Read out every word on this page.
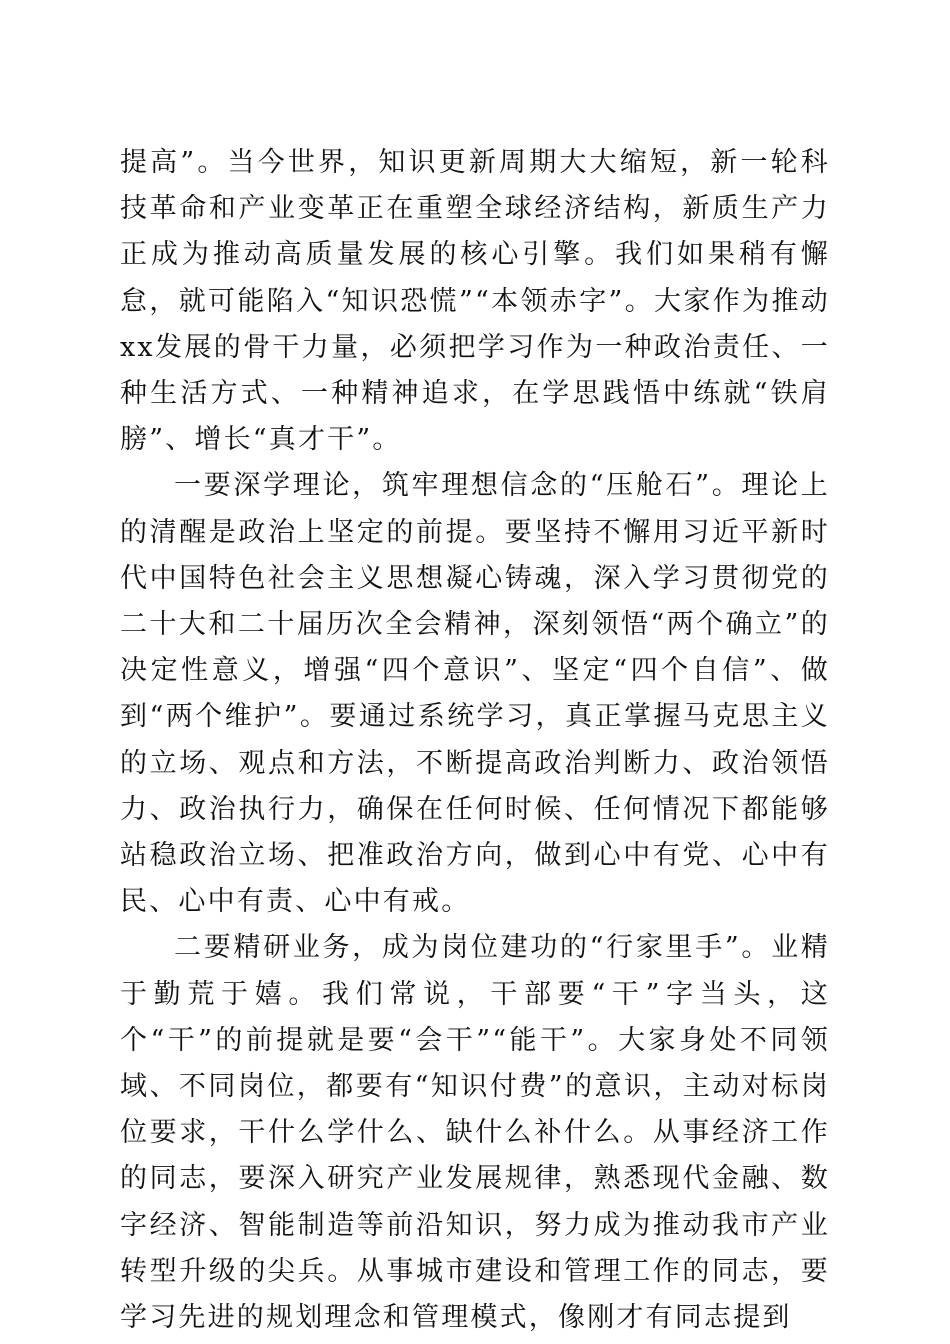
提高”。当今世界，知识更新周期大大缩短，新一轮科技革命和产业变革正在重塑全球经济结构，新质生产力正成为推动高质量发展的核心引擎。我们如果稍有懈怠，就可能陷入“知识恐慌”“本领赤字”。大家作为推动xx发展的骨干力量，必须把学习作为一种政治责任、一种生活方式、一种精神追求，在学思践悟中练就“铁肩膀”、增长“真才干”。

一要深学理论，筑牢理想信念的“压舱石”。理论上的清醒是政治上坚定的前提。要坚持不懈用习近平新时代中国特色社会主义思想凝心铸魂，深入学习贯彻党的二十大和二十届历次全会精神，深刻领悟“两个确立”的决定性意义，增强“四个意识”、坚定“四个自信”、做到“两个维护”。要通过系统学习，真正掌握马克思主义的立场、观点和方法，不断提高政治判断力、政治领悟力、政治执行力，确保在任何时候、任何情况下都能够站稳政治立场、把准政治方向，做到心中有党、心中有民、心中有责、心中有戒。

二要精研业务，成为岗位建功的“行家里手”。业精于勤荒于嬉。我们常说，干部要“干”字当头，这个“干”的前提就是要“会干”“能干”。大家身处不同领域、不同岗位，都要有“知识付费”的意识，主动对标岗位要求，干什么学什么、缺什么补什么。从事经济工作的同志，要深入研究产业发展规律，熟悉现代金融、数字经济、智能制造等前沿知识，努力成为推动我市产业转型升级的尖兵。从事城市建设和管理工作的同志，要学习先进的规划理念和管理模式，像刚才有同志提到
